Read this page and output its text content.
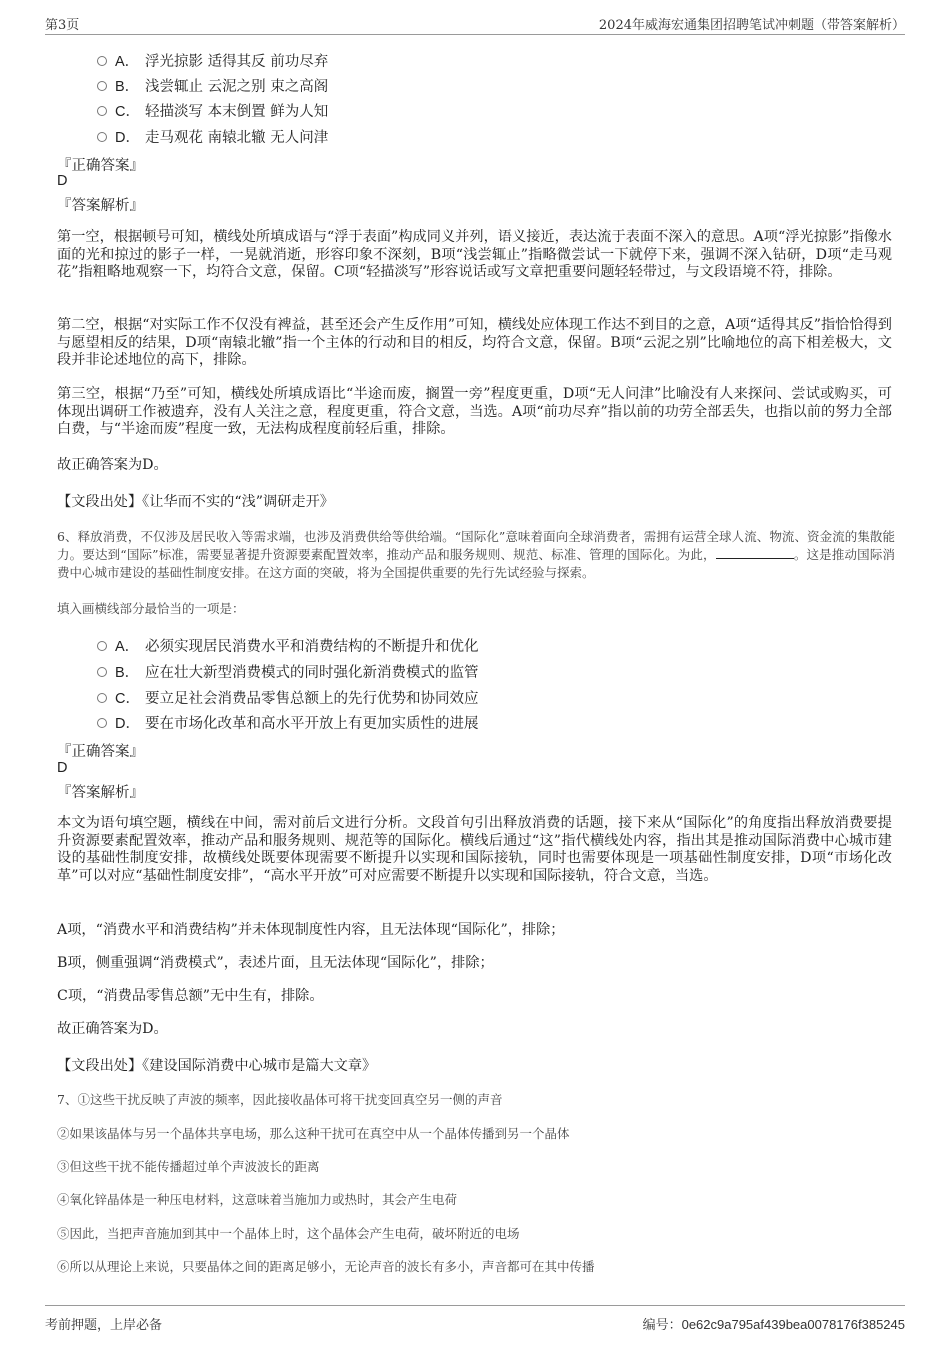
第3页	2024年威海宏通集团招聘笔试冲刺题（带答案解析）
A． 浮光掠影 适得其反 前功尽弃
B． 浅尝辄止 云泥之别 束之高阁
C． 轻描淡写 本末倒置 鲜为人知
D． 走马观花 南辕北辙 无人问津
『正确答案』
D
『答案解析』
第一空，根据顿号可知，横线处所填成语与“浮于表面”构成同义并列，语义接近，表达流于表面不深入的意思。A项“浮光掠影”指像水面的光和掠过的影子一样，一晃就消逝，形容印象不深刻，B项“浅尝辄止”指略微尝试一下就停下来，强调不深入钻研，D项“走马观花”指粗略地观察一下，均符合文意，保留。C项“轻描淡写”形容说话或写文章把重要问题轻轻带过，与文段语境不符，排除。
第二空，根据“对实际工作不仅没有裨益，甚至还会产生反作用”可知，横线处应体现工作达不到目的之意，A项“适得其反”指恰恰得到与愿望相反的结果，D项“南辕北辙”指一个主体的行动和目的相反，均符合文意，保留。B项“云泥之别”比喻地位的高下相差极大，文段并非论述地位的高下，排除。
第三空，根据“乃至”可知，横线处所填成语比“半途而废，搁置一旁”程度更重，D项“无人问津”比喻没有人来探问、尝试或购买，可体现出调研工作被遗弃，没有人关注之意，程度更重，符合文意，当选。A项“前功尽弃”指以前的功劳全部丢失，也指以前的努力全部白费，与“半途而废”程度一致，无法构成程度前轻后重，排除。
故正确答案为D。
【文段出处】《让华而不实的“浅”调研走开》
6、释放消费，不仅涉及居民收入等需求端，也涉及消费供给等供给端。“国际化”意味着面向全球消费者，需拥有运营全球人流、物流、资金流的集散能力。要达到“国际”标准，需要显著提升资源要素配置效率，推动产品和服务规则、规范、标准、管理的国际化。为此，	。这是推动国际消费中心城市建设的基础性制度安排。在这方面的突破，将为全国提供重要的先行先试经验与探索。
填入画横线部分最恰当的一项是：
A． 必须实现居民消费水平和消费结构的不断提升和优化
B． 应在壮大新型消费模式的同时强化新消费模式的监管
C． 要立足社会消费品零售总额上的先行优势和协同效应
D． 要在市场化改革和高水平开放上有更加实质性的进展
『正确答案』
D
『答案解析』
本文为语句填空题，横线在中间，需对前后文进行分析。文段首句引出释放消费的话题，接下来从“国际化”的角度指出释放消费要提升资源要素配置效率，推动产品和服务规则、规范等的国际化。横线后通过“这”指代横线处内容，指出其是推动国际消费中心城市建设的基础性制度安排，故横线处既要体现需要不断提升以实现和国际接轨，同时也需要体现是一项基础性制度安排，D项“市场化改革”可以对应“基础性制度安排”，“高水平开放”可对应需要不断提升以实现和国际接轨，符合文意，当选。
A项，“消费水平和消费结构”并未体现制度性内容，且无法体现“国际化”，排除；
B项，侧重强调“消费模式”，表述片面，且无法体现“国际化”，排除；
C项，“消费品零售总额”无中生有，排除。
故正确答案为D。
【文段出处】《建设国际消费中心城市是篇大文章》
7、①这些干扰反映了声波的频率，因此接收晶体可将干扰变回真空另一侧的声音
②如果该晶体与另一个晶体共享电场，那么这种干扰可在真空中从一个晶体传播到另一个晶体
③但这些干扰不能传播超过单个声波波长的距离
④氧化锌晶体是一种压电材料，这意味着当施加力或热时，其会产生电荷
⑤因此，当把声音施加到其中一个晶体上时，这个晶体会产生电荷，破坏附近的电场
⑥所以从理论上来说，只要晶体之间的距离足够小，无论声音的波长有多小，声音都可在其中传播
考前押题，上岸必备	编号：0e62c9a795af439bea0078176f385245
